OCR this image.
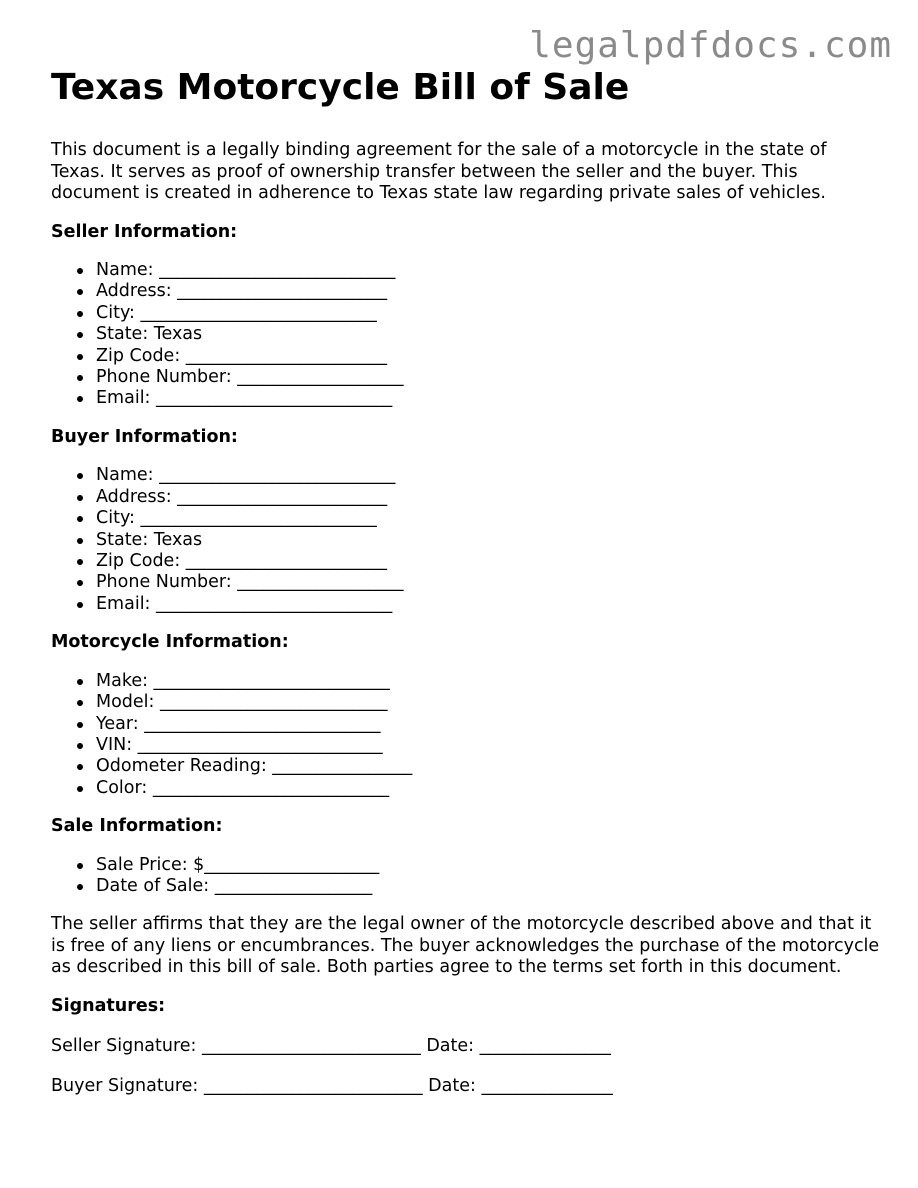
legalpdfdocs.com
Texas Motorcycle Bill of Sale

This document is a legally binding agreement for the sale of a motorcycle in the state of Texas. It serves as proof of ownership transfer between the seller and the buyer. This document is created in adherence to Texas state law regarding private sales of vehicles.

Seller Information:
Name: ___________________________
Address: ________________________
City: ___________________________
State: Texas
Zip Code: _______________________
Phone Number: ___________________
Email: ___________________________
Buyer Information:
Name: ___________________________
Address: ________________________
City: ___________________________
State: Texas
Zip Code: _______________________
Phone Number: ___________________
Email: ___________________________
Motorcycle Information:
Make: ___________________________
Model: __________________________
Year: ___________________________
VIN: ____________________________
Odometer Reading: ________________
Color: ___________________________
Sale Information:
Sale Price: $____________________
Date of Sale: __________________

The seller affirms that they are the legal owner of the motorcycle described above and that it is free of any liens or encumbrances. The buyer acknowledges the purchase of the motorcycle as described in this bill of sale. Both parties agree to the terms set forth in this document.

Signatures:

Seller Signature: _________________________ Date: _______________

Buyer Signature: _________________________ Date: _______________
